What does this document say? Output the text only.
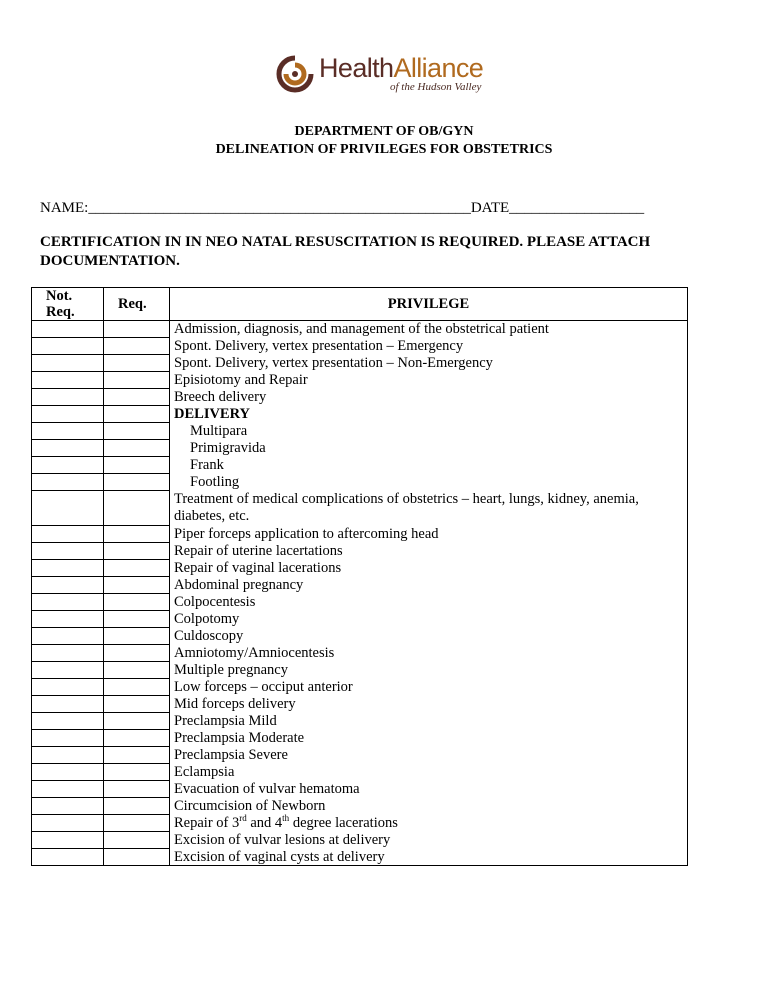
HealthAlliance
of the Hudson Valley
DEPARTMENT OF OB/GYN
DELINEATION OF PRIVILEGES FOR OBSTETRICS
NAME:___________________________________________________DATE__________________
CERTIFICATION IN IN NEO NATAL RESUSCITATION IS REQUIRED. PLEASE ATTACH DOCUMENTATION.
Not. Req.	Req.	PRIVILEGE
		Admission, diagnosis, and management of the obstetrical patient
		Spont. Delivery, vertex presentation – Emergency
		Spont. Delivery, vertex presentation – Non-Emergency
		Episiotomy and Repair
		Breech delivery
		DELIVERY
		Multipara
		Primigravida
		Frank
		Footling
		Treatment of medical complications of obstetrics – heart, lungs, kidney, anemia, diabetes, etc.
		Piper forceps application to aftercoming head
		Repair of uterine lacertations
		Repair of vaginal lacerations
		Abdominal pregnancy
		Colpocentesis
		Colpotomy
		Culdoscopy
		Amniotomy/Amniocentesis
		Multiple pregnancy
		Low forceps – occiput anterior
		Mid forceps delivery
		Preclampsia Mild
		Preclampsia Moderate
		Preclampsia Severe
		Eclampsia
		Evacuation of vulvar hematoma
		Circumcision of Newborn
		Repair of 3rd and 4th degree lacerations
		Excision of vulvar lesions at delivery
		Excision of vaginal cysts at delivery
